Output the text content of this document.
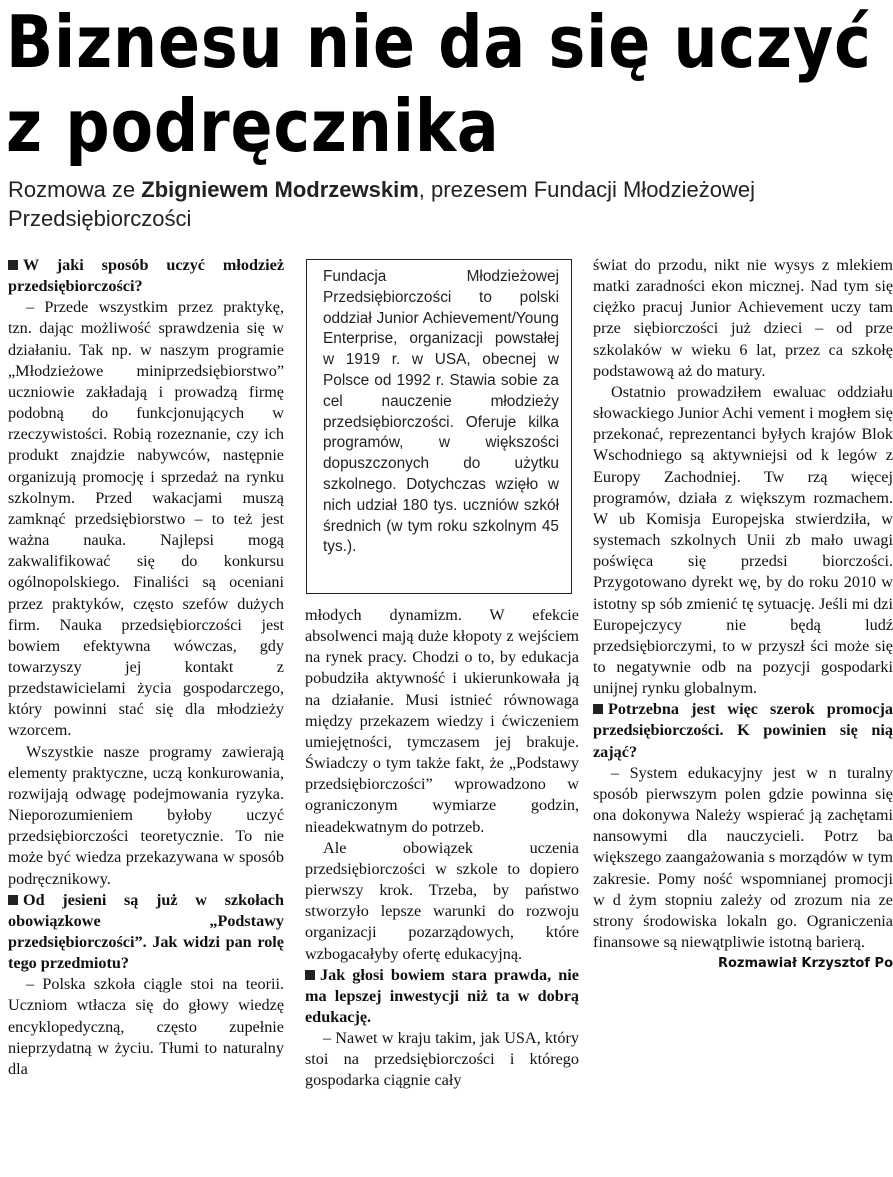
Biznesu nie da się uczyć
z podręcznika
Rozmowa ze Zbigniewem Modrzewskim, prezesem Fundacji Młodzieżowej Przedsiębiorczości

W jaki sposób uczyć młodzież przedsiębiorczości?

– Przede wszystkim przez praktykę, tzn. dając możliwość sprawdzenia się w działaniu. Tak np. w naszym programie „Młodzieżowe miniprzedsiębiorstwo” uczniowie zakładają i prowadzą firmę podobną do funkcjonujących w rzeczywistości. Robią rozeznanie, czy ich produkt znajdzie nabywców, następnie organizują promocję i sprzedaż na rynku szkolnym. Przed wakacjami muszą zamknąć przedsiębiorstwo – to też jest ważna nauka. Najlepsi mogą zakwalifikować się do konkursu ogólnopolskiego. Finaliści są oceniani przez praktyków, często szefów dużych firm. Nauka przedsiębiorczości jest bowiem efektywna wówczas, gdy towarzyszy jej kontakt z przedstawicielami życia gospodarczego, który powinni stać się dla młodzieży wzorcem.

Wszystkie nasze programy zawierają elementy praktyczne, uczą konkurowania, rozwijają odwagę podejmowania ryzyka. Nieporozumieniem byłoby uczyć przedsiębiorczości teoretycznie. To nie może być wiedza przekazywana w sposób podręcznikowy.

Od jesieni są już w szkołach obowiązkowe „Podstawy przedsiębiorczości”. Jak widzi pan rolę tego przedmiotu?

– Polska szkoła ciągle stoi na teorii. Uczniom wtłacza się do głowy wiedzę encyklopedyczną, często zupełnie nieprzydatną w życiu. Tłumi to naturalny dla

Fundacja Młodzieżowej Przedsiębiorczości to polski oddział Junior Achievement/Young Enterprise, organizacji powstałej w 1919 r. w USA, obecnej w Polsce od 1992 r. Stawia sobie za cel nauczenie młodzieży przedsiębiorczości. Oferuje kilka programów, w większości dopuszczonych do użytku szkolnego. Dotychczas wzięło w nich udział 180 tys. uczniów szkół średnich (w tym roku szkolnym 45 tys.).

młodych dynamizm. W efekcie absolwenci mają duże kłopoty z wejściem na rynek pracy. Chodzi o to, by edukacja pobudziła aktywność i ukierunkowała ją na działanie. Musi istnieć równowaga między przekazem wiedzy i ćwiczeniem umiejętności, tymczasem jej brakuje. Świadczy o tym także fakt, że „Podstawy przedsiębiorczości” wprowadzono w ograniczonym wymiarze godzin, nieadekwatnym do potrzeb.

Ale obowiązek uczenia przedsiębiorczości w szkole to dopiero pierwszy krok. Trzeba, by państwo stworzyło lepsze warunki do rozwoju organizacji pozarządowych, które wzbogacałyby ofertę edukacyjną.

Jak głosi bowiem stara prawda, nie ma lepszej inwestycji niż ta w dobrą edukację.

– Nawet w kraju takim, jak USA, który stoi na przedsiębiorczości i którego gospodarka ciągnie cały

świat do przodu, nikt nie wysys z mlekiem matki zaradności ekon micznej. Nad tym się ciężko pracuj Junior Achievement uczy tam prze siębiorczości już dzieci – od prze szkolaków w wieku 6 lat, przez ca szkołę podstawową aż do matury.

Ostatnio prowadziłem ewaluac oddziału słowackiego Junior Achi vement i mogłem się przekonać, reprezentanci byłych krajów Blok Wschodniego są aktywniejsi od k legów z Europy Zachodniej. Tw rzą więcej programów, działa z większym rozmachem. W ub Komisja Europejska stwierdziła, w systemach szkolnych Unii zb mało uwagi poświęca się przedsi biorczości. Przygotowano dyrekt wę, by do roku 2010 w istotny sp sób zmienić tę sytuację. Jeśli mi dzi Europejczycy nie będą ludź przedsiębiorczymi, to w przyszł ści może się to negatywnie odb na pozycji gospodarki unijnej rynku globalnym.

Potrzebna jest więc szerok promocja przedsiębiorczości. K powinien się nią zająć?

– System edukacyjny jest w n turalny sposób pierwszym polen gdzie powinna się ona dokonywa Należy wspierać ją zachętami nansowymi dla nauczycieli. Potrz ba większego zaangażowania s morządów w tym zakresie. Pomy ność wspomnianej promocji w d żym stopniu zależy od zrozum nia ze strony środowiska lokaln go. Ograniczenia finansowe są niewątpliwie istotną barierą.

Rozmawiał Krzysztof Po
